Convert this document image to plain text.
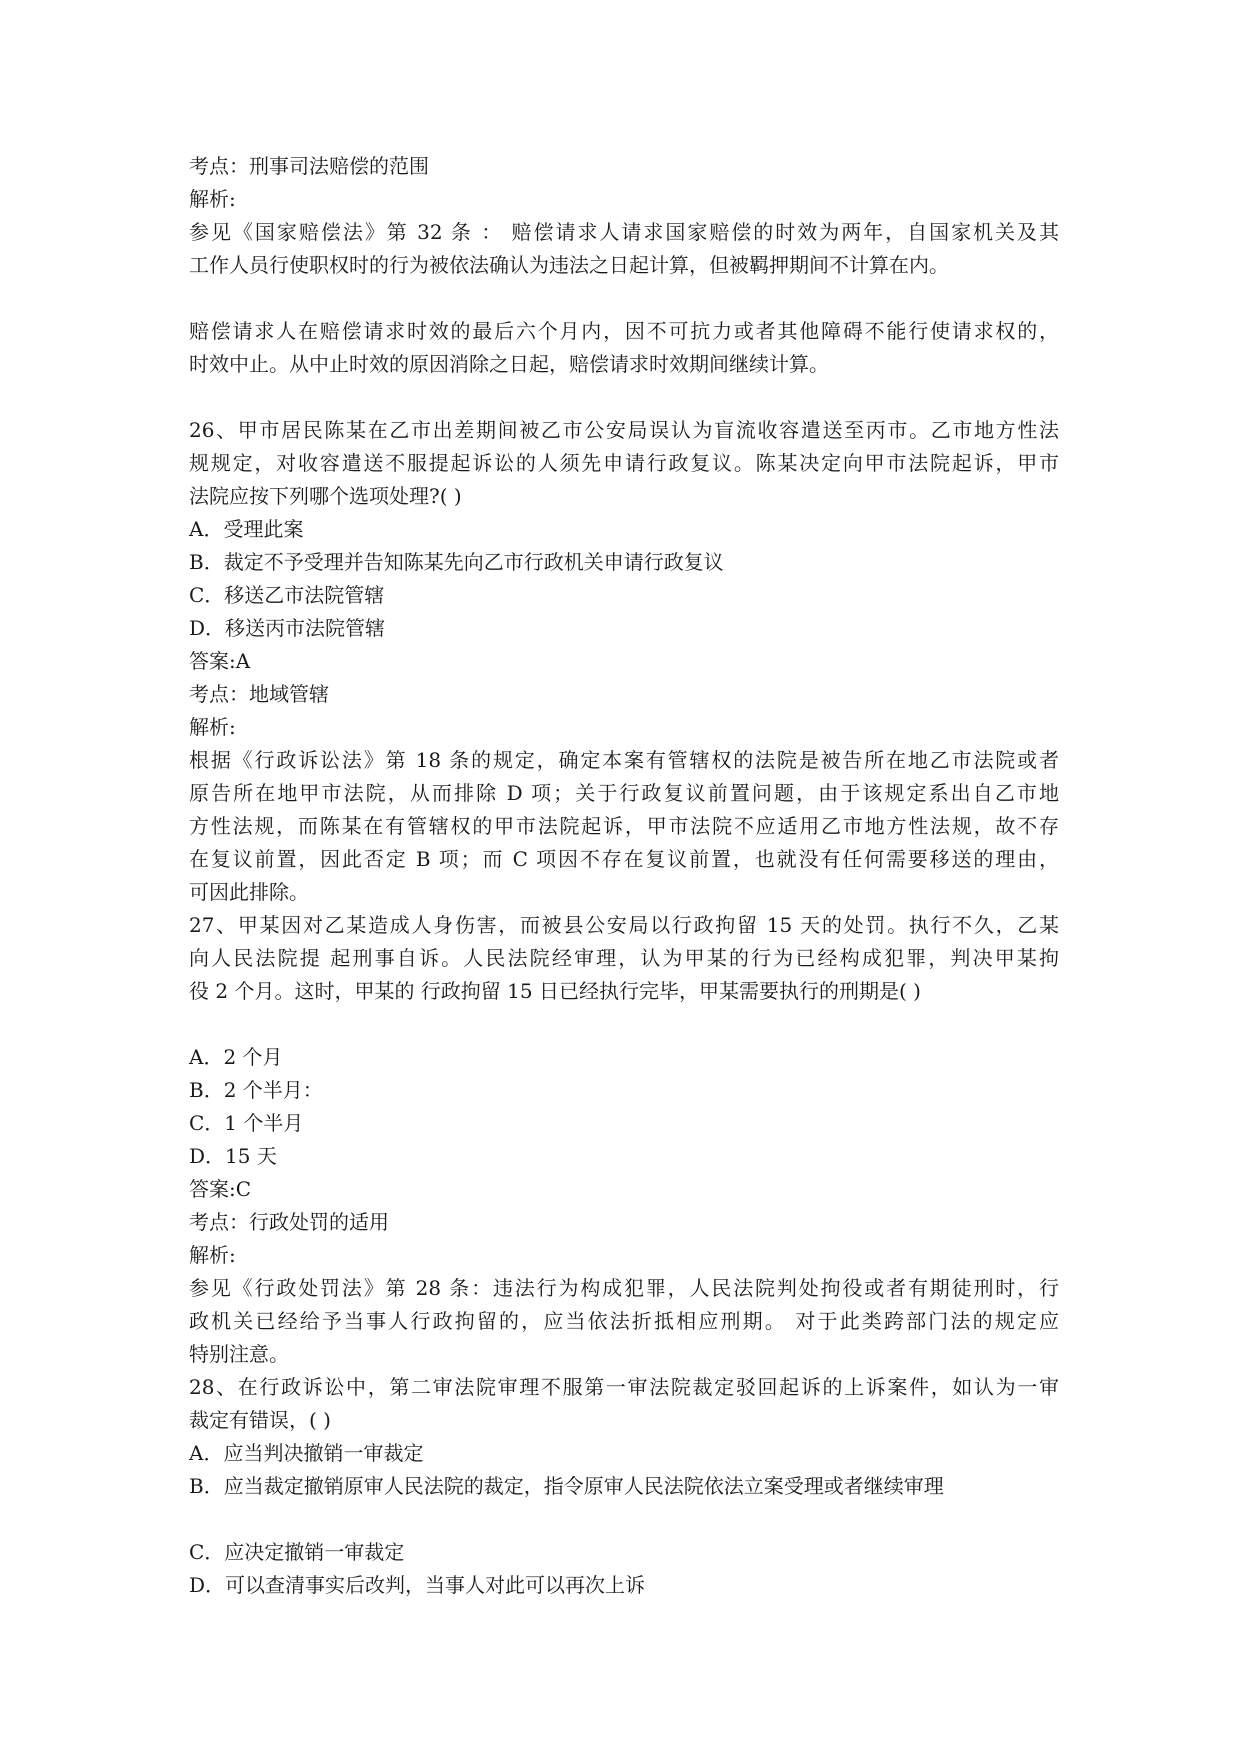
考点：刑事司法赔偿的范围
解析:
参见《国家赔偿法》第 32 条 ： 赔偿请求人请求国家赔偿的时效为两年，自国家机关及其
工作人员行使职权时的行为被依法确认为违法之日起计算，但被羁押期间不计算在内。
赔偿请求人在赔偿请求时效的最后六个月内，因不可抗力或者其他障碍不能行使请求权的，
时效中止。从中止时效的原因消除之日起，赔偿请求时效期间继续计算。
26、甲市居民陈某在乙市出差期间被乙市公安局误认为盲流收容遣送至丙市。乙市地方性法
规规定，对收容遣送不服提起诉讼的人须先申请行政复议。陈某决定向甲市法院起诉，甲市
法院应按下列哪个选项处理?( )
A．受理此案
B．裁定不予受理并告知陈某先向乙市行政机关申请行政复议
C．移送乙市法院管辖
D．移送丙市法院管辖
答案:A
考点：地域管辖
解析:
根据《行政诉讼法》第 18 条的规定，确定本案有管辖权的法院是被告所在地乙市法院或者
原告所在地甲市法院，从而排除 D 项；关于行政复议前置问题，由于该规定系出自乙市地
方性法规，而陈某在有管辖权的甲市法院起诉，甲市法院不应适用乙市地方性法规，故不存
在复议前置，因此否定 B 项；而 C 项因不存在复议前置，也就没有任何需要移送的理由，
可因此排除。
27、甲某因对乙某造成人身伤害，而被县公安局以行政拘留 15 天的处罚。执行不久，乙某
向人民法院提 起刑事自诉。人民法院经审理，认为甲某的行为已经构成犯罪，判决甲某拘
役 2 个月。这时，甲某的 行政拘留 15 日已经执行完毕，甲某需要执行的刑期是( )
A．2 个月
B．2 个半月：
C．1 个半月
D．15 天
答案:C
考点：行政处罚的适用
解析:
参见《行政处罚法》第 28 条：违法行为构成犯罪，人民法院判处拘役或者有期徒刑时，行
政机关已经给予当事人行政拘留的，应当依法折抵相应刑期。 对于此类跨部门法的规定应
特别注意。
28、在行政诉讼中，第二审法院审理不服第一审法院裁定驳回起诉的上诉案件，如认为一审
裁定有错误，( )
A．应当判决撤销一审裁定
B．应当裁定撤销原审人民法院的裁定，指令原审人民法院依法立案受理或者继续审理
C．应决定撤销一审裁定
D．可以查清事实后改判，当事人对此可以再次上诉
